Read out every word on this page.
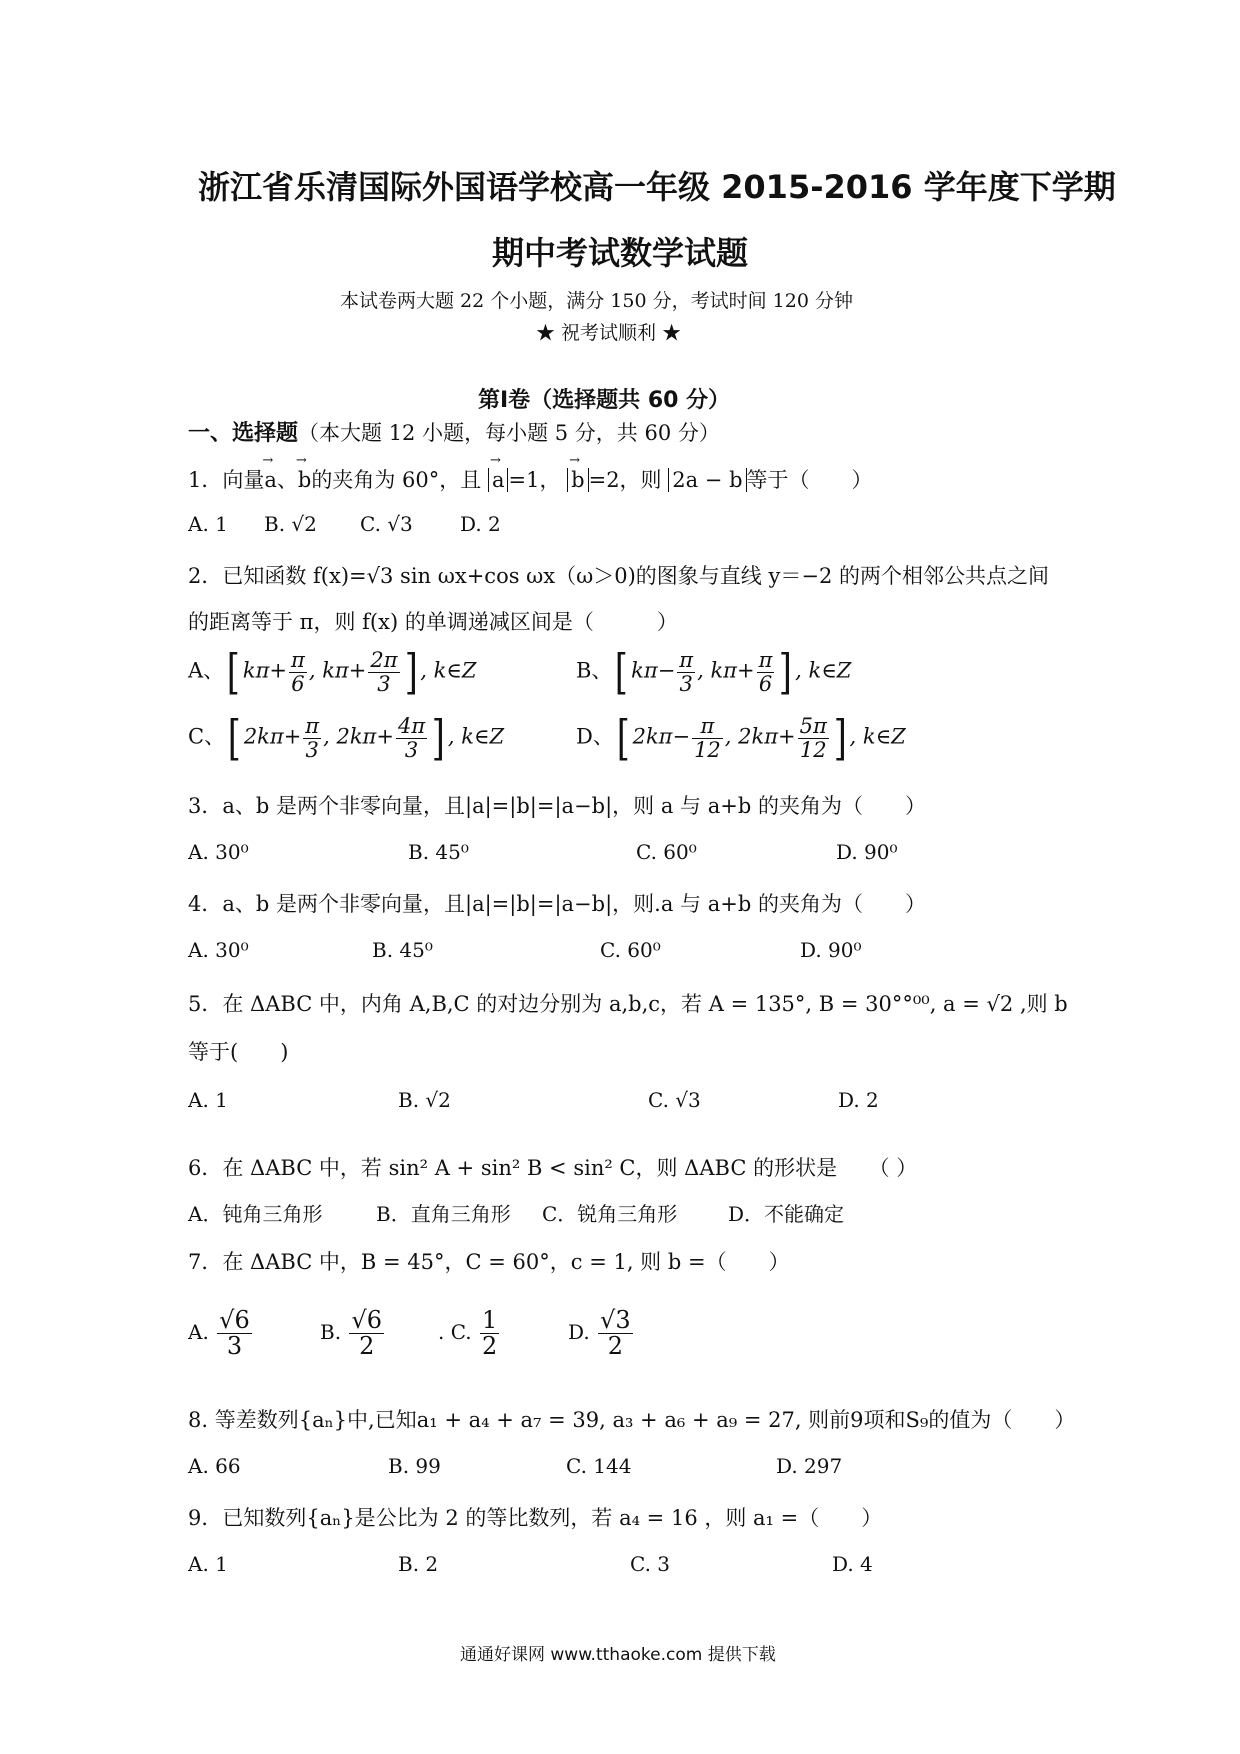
浙江省乐清国际外国语学校高一年级 2015-2016 学年度下学期
期中考试数学试题
本试卷两大题 22 个小题，满分 150 分，考试时间 120 分钟
★ 祝考试顺利 ★
第Ⅰ卷（选择题共 60 分）
一、选择题（本大题 12 小题，每小题 5 分，共 60 分）
1．向量→ a、→ b的夹角为 60°，且 → a =1， → b =2，则 2a − b 等于（　　）
A. 1 B. √2 C. √3 D. 2
2．已知函数 f(x)=√3 sin ωx+cos ωx（ω＞0)的图象与直线 y＝−2 的两个相邻公共点之间
的距离等于 π，则 f(x) 的单调递减区间是（　　　）
A、[ $k\pi+ \frac{\pi}{6}$ , $k\pi+ \frac{2\pi}{3}$ ] , k∈Z	B、[ $k\pi- \frac{\pi}{3}$ , $k\pi+ \frac{\pi}{6}$ ] , k∈Z
C、[ $2k\pi+ \frac{\pi}{3}$ , $2k\pi+ \frac{4\pi}{3}$ ] , k∈Z	D、[ $2k\pi- \frac{\pi}{12}$ , $2k\pi+ \frac{5\pi}{12}$ ] , k∈Z
3．a、b 是两个非零向量，且|a|=|b|=|a−b|，则 a 与 a+b 的夹角为（　　）
A. 30⁰	B. 45⁰	C. 60⁰	D. 90⁰
4．a、b 是两个非零向量，且|a|=|b|=|a−b|，则.a 与 a+b 的夹角为（　　）
A. 30⁰	B. 45⁰	C. 60⁰	D. 90⁰
5．在 ΔABC 中，内角 A,B,C 的对边分别为 a,b,c，若 A = 135°, B = 30°°⁰⁰, a = √2 ,则 b
等于(　　)
A. 1	B. √2	C. √3	D. 2
6．在 ΔABC 中，若 sin² A + sin² B < sin² C，则 ΔABC 的形状是　　（ ）
A．钝角三角形	B．直角三角形 C．锐角三角形	D．不能确定
7．在 ΔABC 中，B = 45°，C = 60°，c = 1, 则 b =（　　）
A. $\frac{√6}{3}$	B. $\frac{√6}{2}$	. C. $\frac{1}{2}$	D. $\frac{√3}{2}$
8. 等差数列{aₙ}中,已知a₁ + a₄ + a₇ = 39, a₃ + a₆ + a₉ = 27, 则前9项和S₉的值为（　　）
A. 66	B. 99	C. 144	D. 297
9．已知数列{aₙ}是公比为 2 的等比数列，若 a₄ = 16 ，则 a₁ =（　　）
A. 1	B. 2	C. 3	D. 4
通通好课网 www.tthaoke.com 提供下载
